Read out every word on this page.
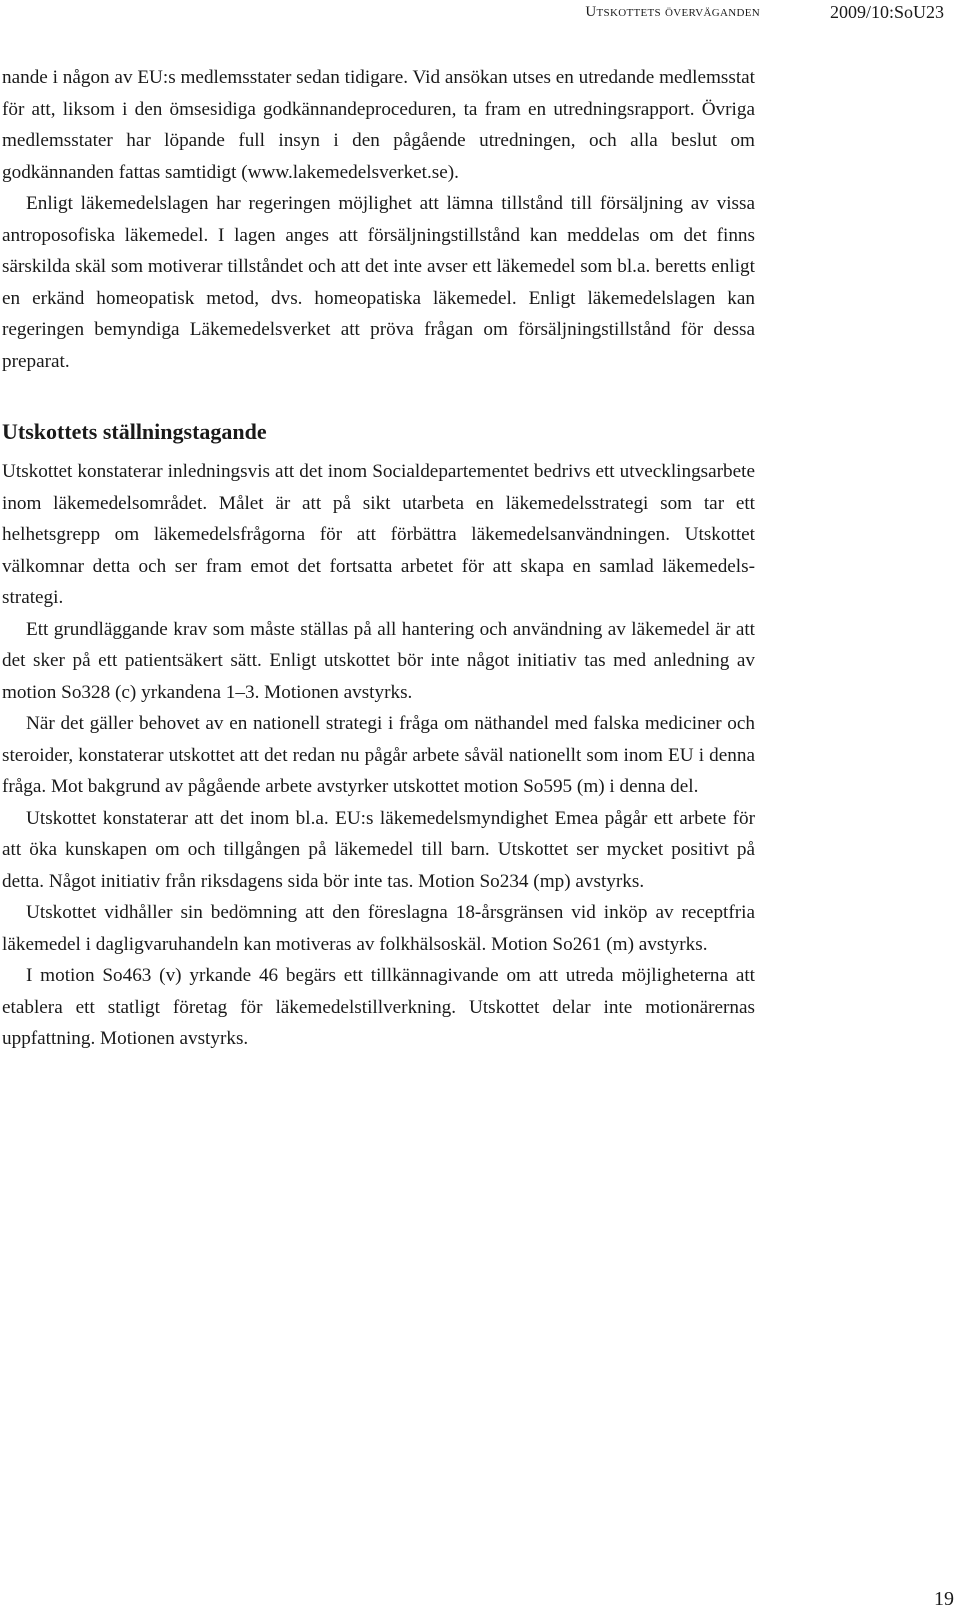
Utskottets överväganden	2009/10:SoU23

nande i någon av EU:s medlemsstater sedan tidigare. Vid ansökan utses en utredande medlemsstat för att, liksom i den ömsesidiga godkännandeproceduren, ta fram en utredningsrapport. Övriga medlemsstater har löpande full insyn i den pågående utredningen, och alla beslut om godkännanden fattas samtidigt (www.lakemedelsverket.se).

Enligt läkemedelslagen har regeringen möjlighet att lämna tillstånd till försäljning av vissa antroposofiska läkemedel. I lagen anges att försäljningstillstånd kan meddelas om det finns särskilda skäl som motiverar tillståndet och att det inte avser ett läkemedel som bl.a. beretts enligt en erkänd homeopatisk metod, dvs. homeopatiska läkemedel. Enligt läkemedelslagen kan regeringen bemyndiga Läkemedelsverket att pröva frågan om försäljningstillstånd för dessa preparat.

Utskottets ställningstagande

Utskottet konstaterar inledningsvis att det inom Socialdepartementet bedrivs ett utvecklingsarbete inom läkemedelsområdet. Målet är att på sikt utarbeta en läkemedelsstrategi som tar ett helhetsgrepp om läkemedelsfrågorna för att förbättra läkemedelsanvändningen. Utskottet välkomnar detta och ser fram emot det fortsatta arbetet för att skapa en samlad läkemedelsstrategi.

Ett grundläggande krav som måste ställas på all hantering och användning av läkemedel är att det sker på ett patientsäkert sätt. Enligt utskottet bör inte något initiativ tas med anledning av motion So328 (c) yrkandena 1–3. Motionen avstyrks.

När det gäller behovet av en nationell strategi i fråga om näthandel med falska mediciner och steroider, konstaterar utskottet att det redan nu pågår arbete såväl nationellt som inom EU i denna fråga. Mot bakgrund av pågående arbete avstyrker utskottet motion So595 (m) i denna del.

Utskottet konstaterar att det inom bl.a. EU:s läkemedelsmyndighet Emea pågår ett arbete för att öka kunskapen om och tillgången på läkemedel till barn. Utskottet ser mycket positivt på detta. Något initiativ från riksdagens sida bör inte tas. Motion So234 (mp) avstyrks.

Utskottet vidhåller sin bedömning att den föreslagna 18-årsgränsen vid inköp av receptfria läkemedel i dagligvaruhandeln kan motiveras av folkhälsoskäl. Motion So261 (m) avstyrks.

I motion So463 (v) yrkande 46 begärs ett tillkännagivande om att utreda möjligheterna att etablera ett statligt företag för läkemedelstillverkning. Utskottet delar inte motionärernas uppfattning. Motionen avstyrks.

19
